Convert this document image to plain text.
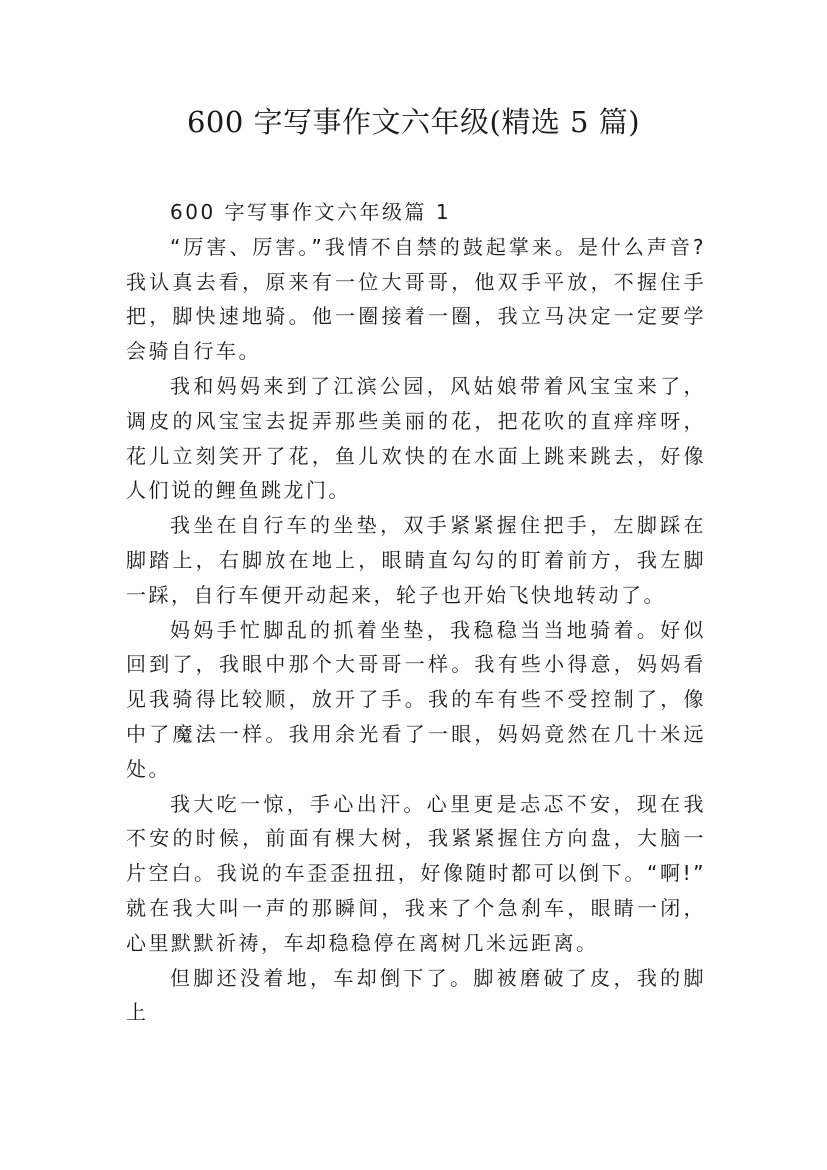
600 字写事作文六年级(精选 5 篇)
600 字写事作文六年级篇 1

“厉害、厉害。”我情不自禁的鼓起掌来。是什么声音?我认真去看，原来有一位大哥哥，他双手平放，不握住手把，脚快速地骑。他一圈接着一圈，我立马决定一定要学会骑自行车。

我和妈妈来到了江滨公园，风姑娘带着风宝宝来了，调皮的风宝宝去捉弄那些美丽的花，把花吹的直痒痒呀，花儿立刻笑开了花，鱼儿欢快的在水面上跳来跳去，好像人们说的鲤鱼跳龙门。

我坐在自行车的坐垫，双手紧紧握住把手，左脚踩在脚踏上，右脚放在地上，眼睛直勾勾的盯着前方，我左脚一踩，自行车便开动起来，轮子也开始飞快地转动了。

妈妈手忙脚乱的抓着坐垫，我稳稳当当地骑着。好似回到了，我眼中那个大哥哥一样。我有些小得意，妈妈看见我骑得比较顺，放开了手。我的车有些不受控制了，像中了魔法一样。我用余光看了一眼，妈妈竟然在几十米远处。

我大吃一惊，手心出汗。心里更是忐忑不安，现在我不安的时候，前面有棵大树，我紧紧握住方向盘，大脑一片空白。我说的车歪歪扭扭，好像随时都可以倒下。“啊!”就在我大叫一声的那瞬间，我来了个急刹车，眼睛一闭，心里默默祈祷，车却稳稳停在离树几米远距离。

但脚还没着地，车却倒下了。脚被磨破了皮，我的脚上
